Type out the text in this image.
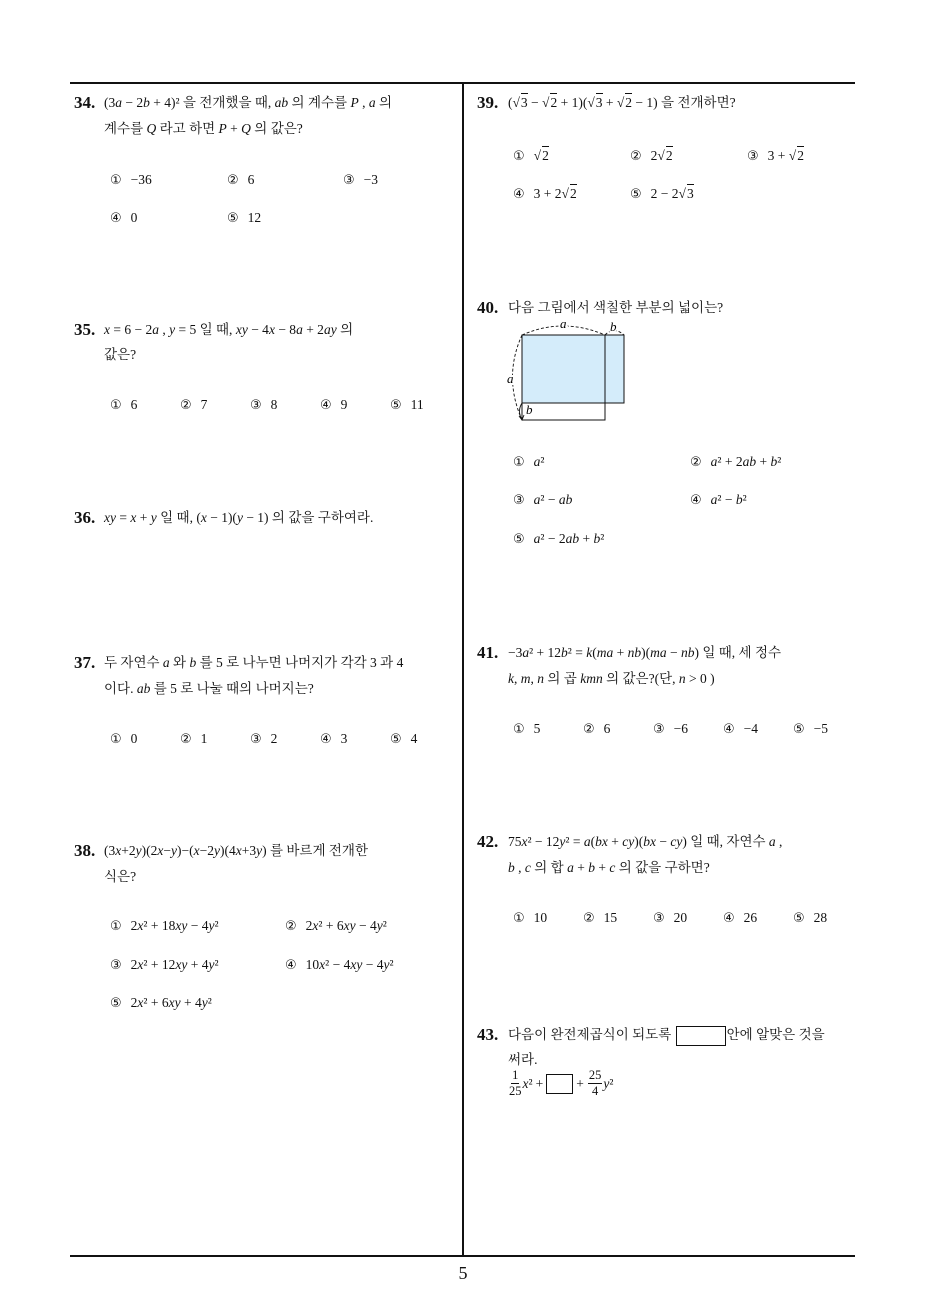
34. (3a − 2b + 4)² 을 전개했을 때, ab 의 계수를 P , a 의
계수를 Q 라고 하면 P + Q 의 값은?
① −36	② 6	③ −3
④ 0	⑤ 12
35. x = 6 − 2a , y = 5 일 때, xy − 4x − 8a + 2ay 의
값은?
① 6	② 7	③ 8	④ 9	⑤ 11
36. xy = x + y 일 때, (x − 1)(y − 1) 의 값을 구하여라.
37. 두 자연수 a 와 b 를 5 로 나누면 나머지가 각각 3 과 4
이다. ab 를 5 로 나눌 때의 나머지는?
① 0	② 1	③ 2	④ 3	⑤ 4
38. (3x+2y)(2x−y)−(x−2y)(4x+3y) 를 바르게 전개한
식은?
① 2x² + 18xy − 4y²	② 2x² + 6xy − 4y²
③ 2x² + 12xy + 4y²	④ 10x² − 4xy − 4y²
⑤ 2x² + 6xy + 4y²
39. (√3 − √2 + 1)(√3 + √2 − 1) 을 전개하면?
① √2	② 2√2	③ 3 + √2
④ 3 + 2√2	⑤ 2 − 2√3
40. 다음 그림에서 색칠한 부분의 넓이는?
a	b
a
b
① a²	② a² + 2ab + b²
③ a² − ab	④ a² − b²
⑤ a² − 2ab + b²
41. −3a² + 12b² = k(ma + nb)(ma − nb) 일 때, 세 정수
k, m, n 의 곱 kmn 의 값은?(단, n > 0 )
① 5	② 6	③ −6	④ −4	⑤ −5
42. 75x² − 12y² = a(bx + cy)(bx − cy) 일 때, 자연수 a ,
b , c 의 합 a + b + c 의 값을 구하면?
① 10	② 15	③ 20	④ 26	⑤ 28
43. 다음이 완전제곱식이 되도록	안에 알맞은 것을
써라.
$\frac{1}{25} x^2$ + + $\frac{25}{4} y^2$
5
